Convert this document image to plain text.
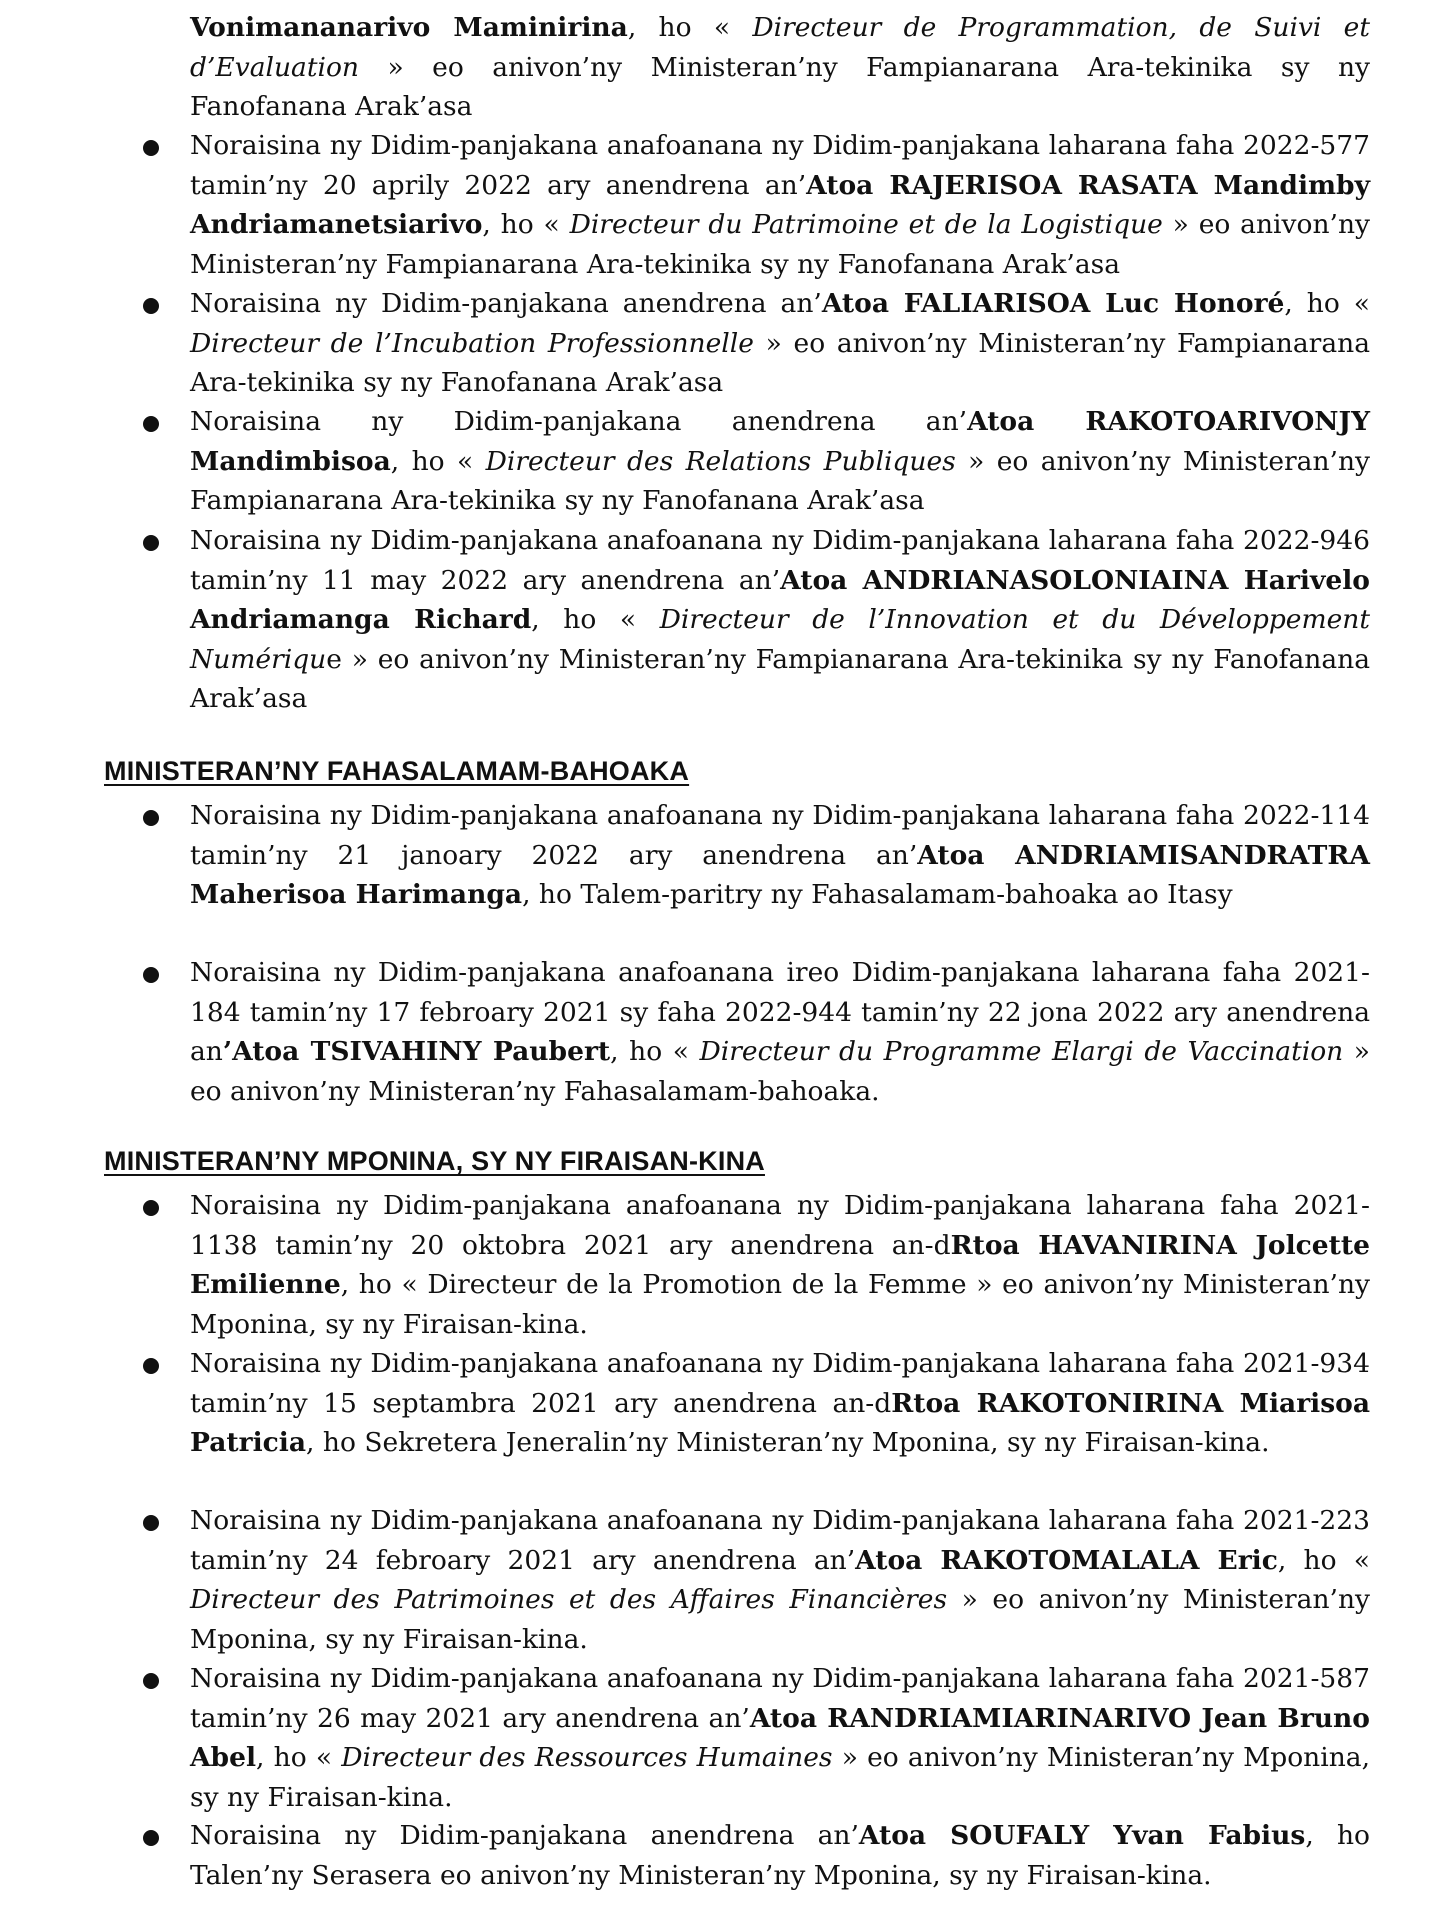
Vonimananarivo Maminirina, ho « Directeur de Programmation, de Suivi et d’Evaluation » eo anivon’ny Ministeran’ny Fampianarana Ara-tekinika sy ny Fanofanana Arak’asa
Noraisina ny Didim-panjakana anafoanana ny Didim-panjakana laharana faha 2022-577 tamin’ny 20 aprily 2022 ary anendrena an’Atoa RAJERISOA RASATA Mandimby Andriamanetsiarivo, ho « Directeur du Patrimoine et de la Logistique » eo anivon’ny Ministeran’ny Fampianarana Ara-tekinika sy ny Fanofanana Arak’asa
Noraisina ny Didim-panjakana anendrena an’Atoa FALIARISOA Luc Honoré, ho « Directeur de l’Incubation Professionnelle » eo anivon’ny Ministeran’ny Fampianarana Ara-tekinika sy ny Fanofanana Arak’asa
Noraisina ny Didim-panjakana anendrena an’Atoa RAKOTOARIVONJY Mandimbisoa, ho « Directeur des Relations Publiques » eo anivon’ny Ministeran’ny Fampianarana Ara-tekinika sy ny Fanofanana Arak’asa
Noraisina ny Didim-panjakana anafoanana ny Didim-panjakana laharana faha 2022-946 tamin’ny 11 may 2022 ary anendrena an’Atoa ANDRIANASOLONIAINA Harivelo Andriamanga Richard, ho « Directeur de l’Innovation et du Développement Numérique » eo anivon’ny Ministeran’ny Fampianarana Ara-tekinika sy ny Fanofanana Arak’asa
MINISTERAN’NY FAHASALAMAM-BAHOAKA
Noraisina ny Didim-panjakana anafoanana ny Didim-panjakana laharana faha 2022-114 tamin’ny 21 janoary 2022 ary anendrena an’Atoa ANDRIAMISANDRATRA Maherisoa Harimanga, ho Talem-paritry ny Fahasalamam-bahoaka ao Itasy
Noraisina ny Didim-panjakana anafoanana ireo Didim-panjakana laharana faha 2021-184 tamin’ny 17 febroary 2021 sy faha 2022-944 tamin’ny 22 jona 2022 ary anendrena an’Atoa TSIVAHINY Paubert, ho « Directeur du Programme Elargi de Vaccination » eo anivon’ny Ministeran’ny Fahasalamam-bahoaka.
MINISTERAN’NY MPONINA, SY NY FIRAISAN-KINA
Noraisina ny Didim-panjakana anafoanana ny Didim-panjakana laharana faha 2021-1138 tamin’ny 20 oktobra 2021 ary anendrena an-dRtoa HAVANIRINA Jolcette Emilienne, ho « Directeur de la Promotion de la Femme » eo anivon’ny Ministeran’ny Mponina, sy ny Firaisan-kina.
Noraisina ny Didim-panjakana anafoanana ny Didim-panjakana laharana faha 2021-934 tamin’ny 15 septambra 2021 ary anendrena an-dRtoa RAKOTONIRINA Miarisoa Patricia, ho Sekretera Jeneralin’ny Ministeran’ny Mponina, sy ny Firaisan-kina.
Noraisina ny Didim-panjakana anafoanana ny Didim-panjakana laharana faha 2021-223 tamin’ny 24 febroary 2021 ary anendrena an’Atoa RAKOTOMALALA Eric, ho « Directeur des Patrimoines et des Affaires Financières » eo anivon’ny Ministeran’ny Mponina, sy ny Firaisan-kina.
Noraisina ny Didim-panjakana anafoanana ny Didim-panjakana laharana faha 2021-587 tamin’ny 26 may 2021 ary anendrena an’Atoa RANDRIAMIARINARIVO Jean Bruno Abel, ho « Directeur des Ressources Humaines » eo anivon’ny Ministeran’ny Mponina, sy ny Firaisan-kina.
Noraisina ny Didim-panjakana anendrena an’Atoa SOUFALY Yvan Fabius, ho Talen’ny Serasera eo anivon’ny Ministeran’ny Mponina, sy ny Firaisan-kina.
